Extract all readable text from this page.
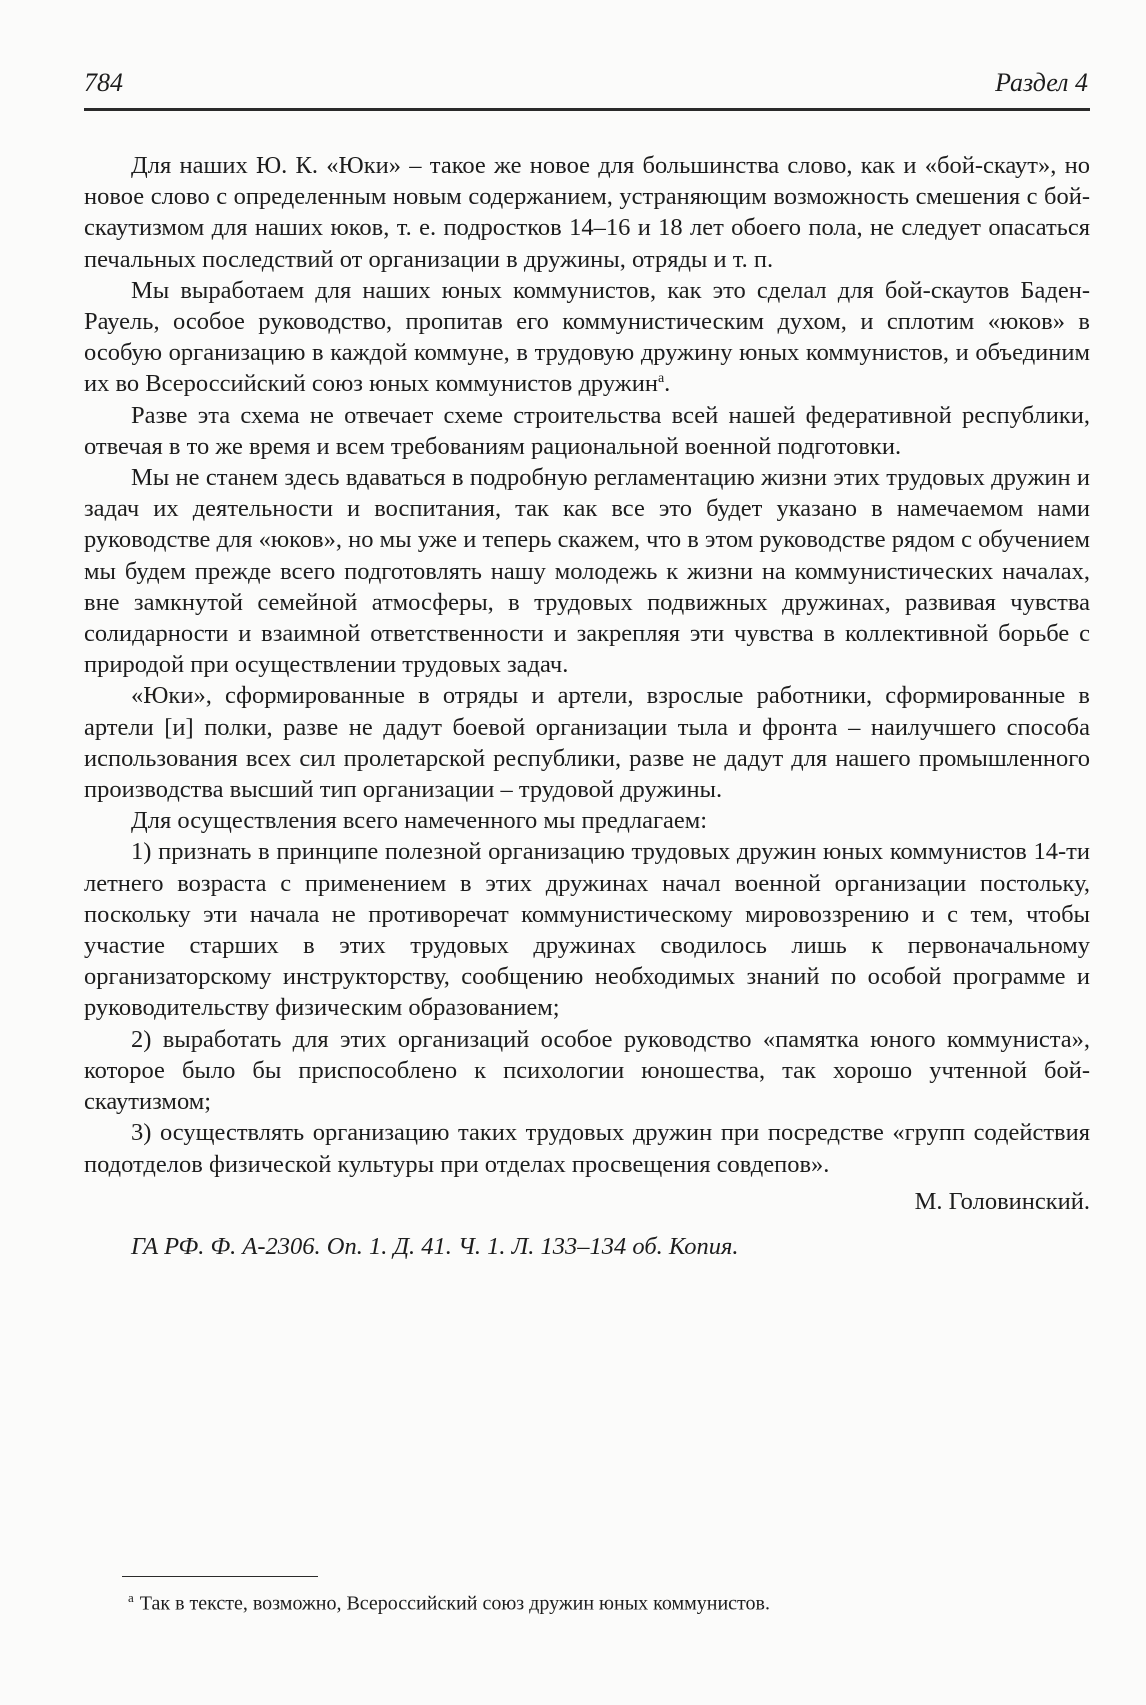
784	Раздел 4

Для наших Ю. К. «Юки» – такое же новое для большинства слово, как и «бой-скаут», но новое слово с определенным новым содержанием, устраняющим возможность смешения с бой-скаутизмом для наших юков, т. е. подростков 14–16 и 18 лет обоего пола, не следует опасаться печальных последствий от организации в дружины, отряды и т. п.

Мы выработаем для наших юных коммунистов, как это сделал для бой-скаутов Баден-Рауель, особое руководство, пропитав его коммунистическим духом, и сплотим «юков» в особую организацию в каждой коммуне, в трудовую дружину юных коммунистов, и объединим их во Всероссийский союз юных коммунистов дружин$^а$.

Разве эта схема не отвечает схеме строительства всей нашей федеративной республики, отвечая в то же время и всем требованиям рациональной военной подготовки.

Мы не станем здесь вдаваться в подробную регламентацию жизни этих трудовых дружин и задач их деятельности и воспитания, так как все это будет указано в намечаемом нами руководстве для «юков», но мы уже и теперь скажем, что в этом руководстве рядом с обучением мы будем прежде всего подготовлять нашу молодежь к жизни на коммунистических началах, вне замкнутой семейной атмосферы, в трудовых подвижных дружинах, развивая чувства солидарности и взаимной ответственности и закрепляя эти чувства в коллективной борьбе с природой при осуществлении трудовых задач.

«Юки», сформированные в отряды и артели, взрослые работники, сформированные в артели [и] полки, разве не дадут боевой организации тыла и фронта – наилучшего способа использования всех сил пролетарской республики, разве не дадут для нашего промышленного производства высший тип организации – трудовой дружины.

Для осуществления всего намеченного мы предлагаем:

1) признать в принципе полезной организацию трудовых дружин юных коммунистов 14-ти летнего возраста с применением в этих дружинах начал военной организации постольку, поскольку эти начала не противоречат коммунистическому мировоззрению и с тем, чтобы участие старших в этих трудовых дружинах сводилось лишь к первоначальному организаторскому инструкторству, сообщению необходимых знаний по особой программе и руководительству физическим образованием;

2) выработать для этих организаций особое руководство «памятка юного коммуниста», которое было бы приспособлено к психологии юношества, так хорошо учтенной бой-скаутизмом;

3) осуществлять организацию таких трудовых дружин при посредстве «групп содействия подотделов физической культуры при отделах просвещения совдепов».

М. Головинский.

ГА РФ. Ф. А-2306. Оп. 1. Д. 41. Ч. 1. Л. 133–134 об. Копия.

$^а$ Так в тексте, возможно, Всероссийский союз дружин юных коммунистов.
